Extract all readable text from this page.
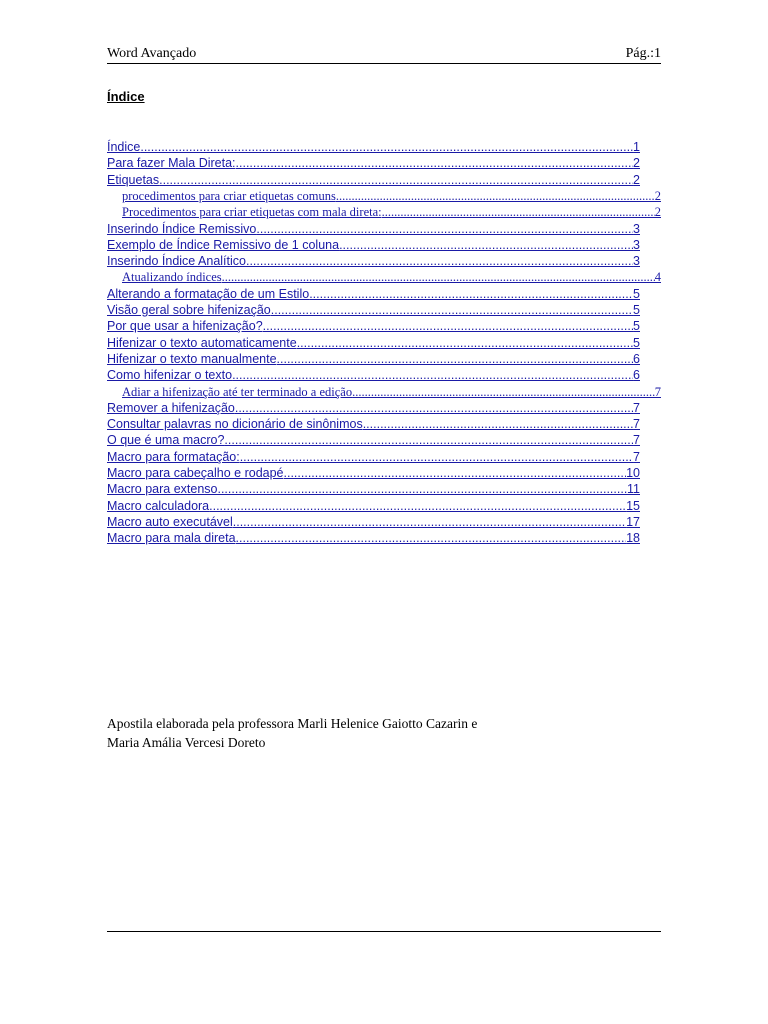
Word Avançado	Pág.:1
Índice
Índice .....	1
Para fazer Mala Direta: .....	2
Etiquetas .....	2
procedimentos para criar etiquetas comuns .....	2
Procedimentos para criar etiquetas com mala direta: .....	2
Inserindo Índice Remissivo .....	3
Exemplo de Índice Remissivo de 1 coluna .....	3
Inserindo Índice Analítico .....	3
Atualizando índices .....	4
Alterando a formatação de um Estilo .....	5
Visão geral sobre hifenização .....	5
Por que usar a hifenização? .....	5
Hifenizar o texto automaticamente .....	5
Hifenizar o texto manualmente .....	6
Como hifenizar o texto .....	6
Adiar a hifenização até ter terminado a edição .....	7
Remover a hifenização .....	7
Consultar palavras no dicionário de sinônimos .....	7
O que é uma macro? .....	7
Macro para formatação: .....	7
Macro para cabeçalho e rodapé .....	10
Macro para extenso .....	11
Macro calculadora .....	15
Macro auto executável .....	17
Macro para mala direta .....	18
Apostila elaborada pela professora Marli Helenice Gaiotto Cazarin e
Maria Amália Vercesi Doreto
